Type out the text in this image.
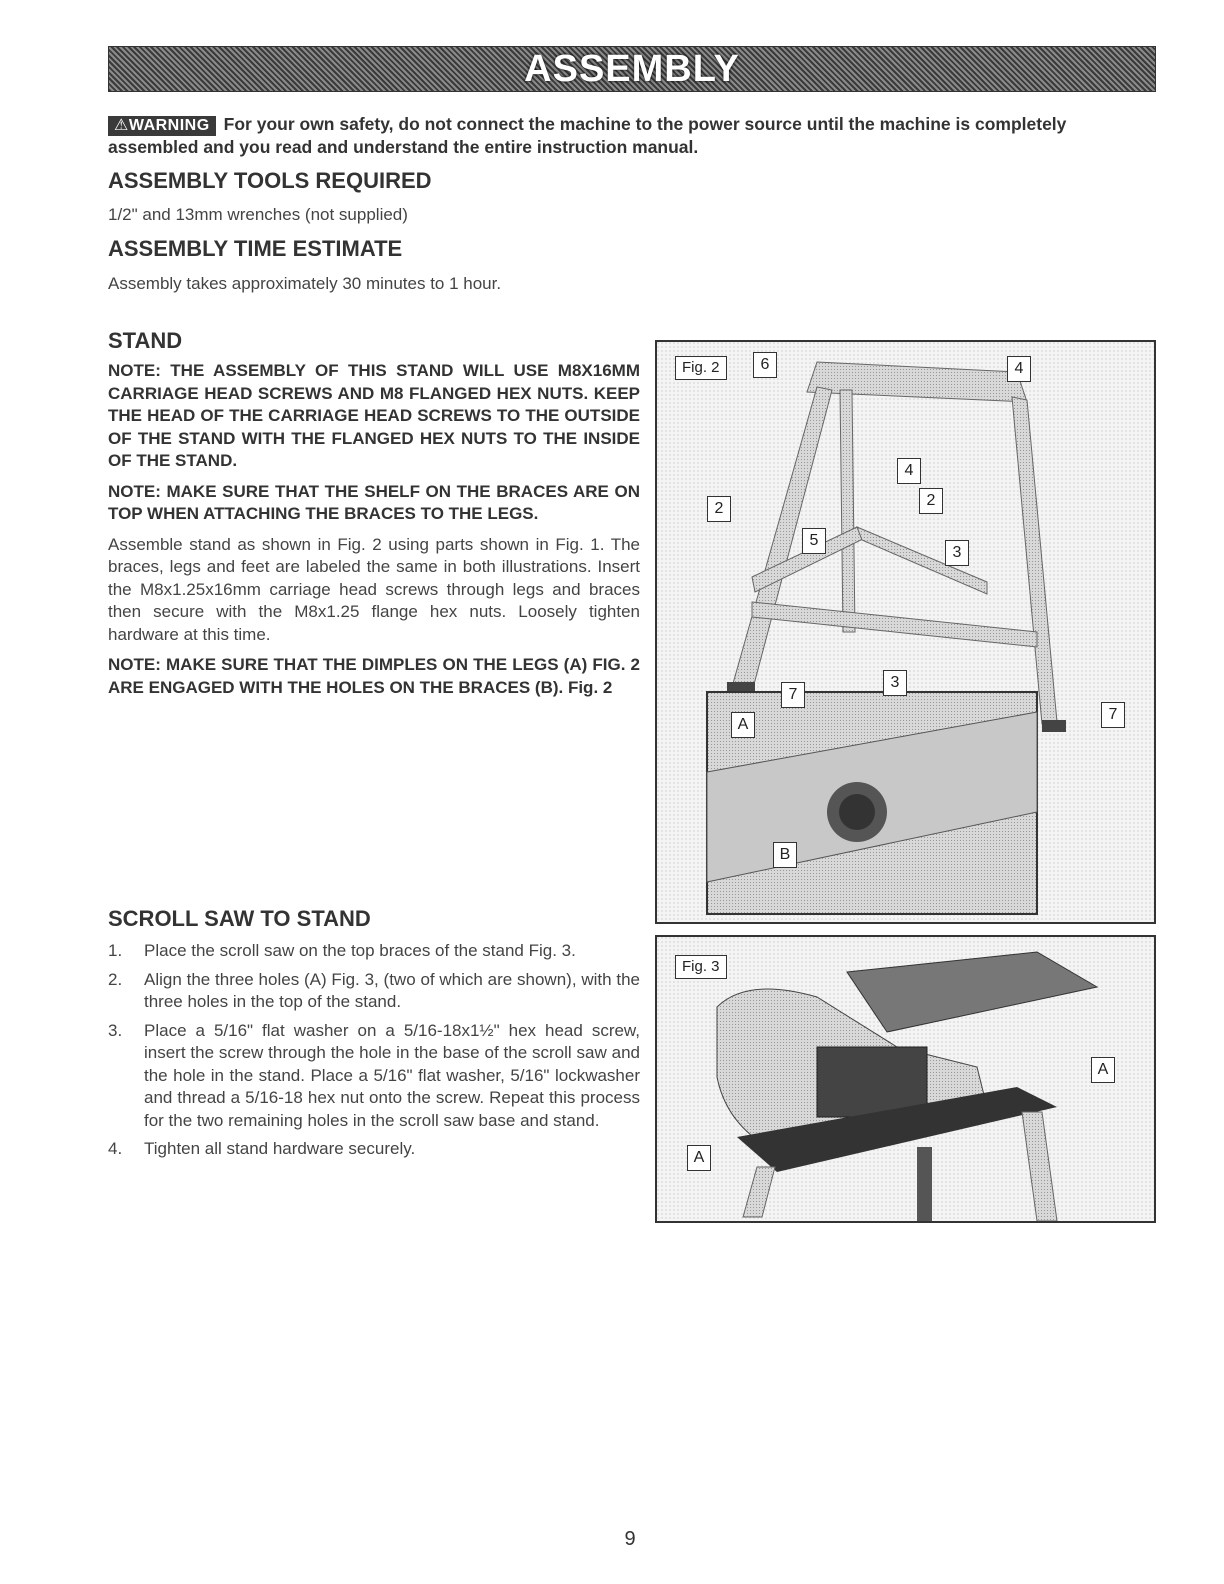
ASSEMBLY
⚠WARNING For your own safety, do not connect the machine to the power source until the machine is completely assembled and you read and understand the entire instruction manual.
ASSEMBLY TOOLS REQUIRED
1/2" and 13mm wrenches (not supplied)
ASSEMBLY TIME ESTIMATE
Assembly takes approximately 30 minutes to 1 hour.
STAND

NOTE: THE ASSEMBLY OF THIS STAND WILL USE M8X16MM CARRIAGE HEAD SCREWS AND M8 FLANGED HEX NUTS. KEEP THE HEAD OF THE CARRIAGE HEAD SCREWS TO THE OUTSIDE OF THE STAND WITH THE FLANGED HEX NUTS TO THE INSIDE OF THE STAND.

NOTE: MAKE SURE THAT THE SHELF ON THE BRACES ARE ON TOP WHEN ATTACHING THE BRACES TO THE LEGS.

Assemble stand as shown in Fig. 2 using parts shown in Fig. 1. The braces, legs and feet are labeled the same in both illustrations. Insert the M8x1.25x16mm carriage head screws through legs and braces then secure with the M8x1.25 flange hex nuts. Loosely tighten hardware at this time.

NOTE: MAKE SURE THAT THE DIMPLES ON THE LEGS (A) FIG. 2 ARE ENGAGED WITH THE HOLES ON THE BRACES (B). Fig. 2

SCROLL SAW TO STAND
1. Place the scroll saw on the top braces of the stand Fig. 3.
2. Align the three holes (A) Fig. 3, (two of which are shown), with the three holes in the top of the stand.
3. Place a 5/16" flat washer on a 5/16-18x1½" hex head screw, insert the screw through the hole in the base of the scroll saw and the hole in the stand. Place a 5/16" flat washer, 5/16" lockwasher and thread a 5/16-18 hex nut onto the screw. Repeat this process for the two remaining holes in the scroll saw base and stand.
4. Tighten all stand hardware securely.
Fig. 2	6	4
4
2	2
5
3
7
3
7
A
B
Fig. 3
A
A
9
